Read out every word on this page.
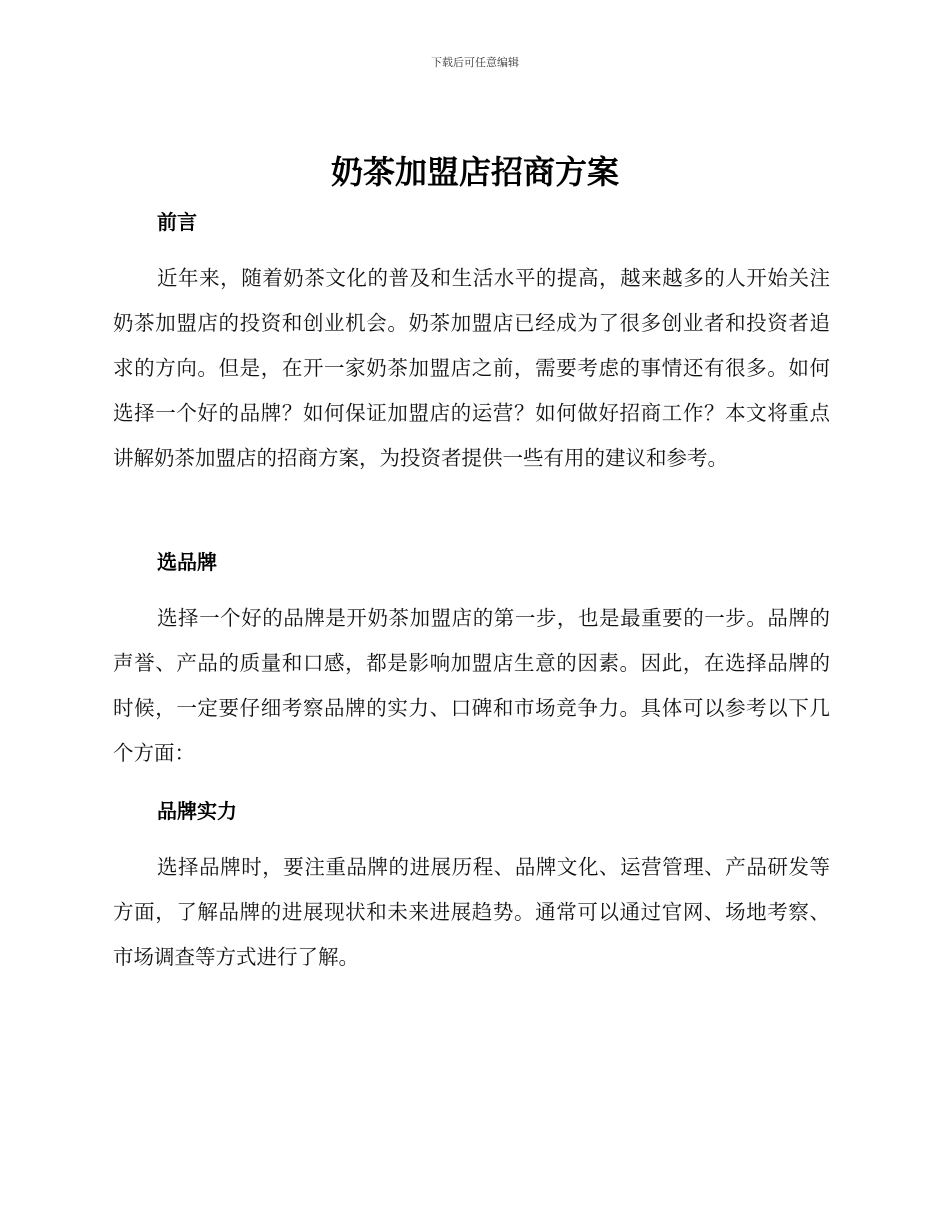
下载后可任意编辑
奶茶加盟店招商方案
前言

近年来，随着奶茶文化的普及和生活水平的提高，越来越多的人开始关注奶茶加盟店的投资和创业机会。奶茶加盟店已经成为了很多创业者和投资者追求的方向。但是，在开一家奶茶加盟店之前，需要考虑的事情还有很多。如何选择一个好的品牌？如何保证加盟店的运营？如何做好招商工作？本文将重点讲解奶茶加盟店的招商方案，为投资者提供一些有用的建议和参考。

选品牌

选择一个好的品牌是开奶茶加盟店的第一步，也是最重要的一步。品牌的声誉、产品的质量和口感，都是影响加盟店生意的因素。因此，在选择品牌的时候，一定要仔细考察品牌的实力、口碑和市场竞争力。具体可以参考以下几个方面：

品牌实力

选择品牌时，要注重品牌的进展历程、品牌文化、运营管理、产品研发等方面，了解品牌的进展现状和未来进展趋势。通常可以通过官网、场地考察、市场调查等方式进行了解。
